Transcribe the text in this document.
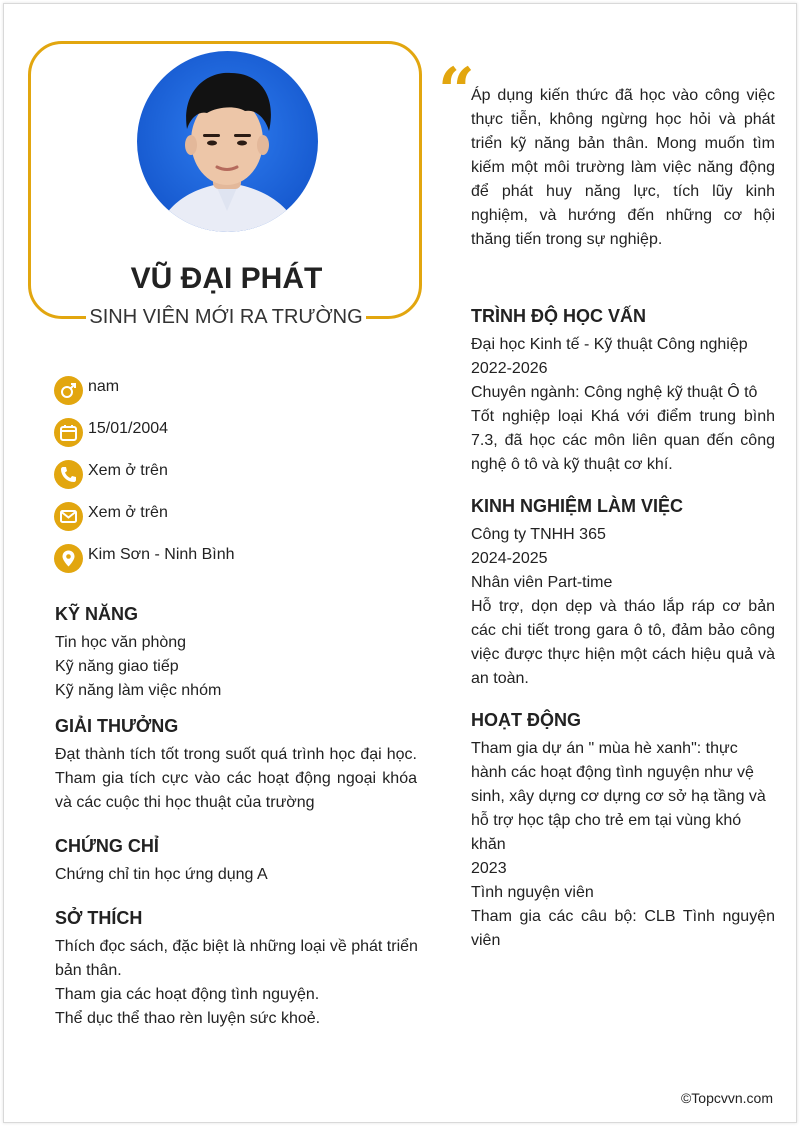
VŨ ĐẠI PHÁT
SINH VIÊN MỚI RA TRƯỜNG
nam
15/01/2004
Xem ở trên
Xem ở trên
Kim Sơn - Ninh Bình
KỸ NĂNG
Tin học văn phòng
Kỹ năng giao tiếp
Kỹ năng làm việc nhóm
GIẢI THƯỞNG
Đạt thành tích tốt trong suốt quá trình học đại học. Tham gia tích cực vào các hoạt động ngoại khóa và các cuộc thi học thuật của trường
CHỨNG CHỈ
Chứng chỉ tin học ứng dụng A
SỞ THÍCH
Thích đọc sách, đặc biệt là những loại về phát triển bản thân.
Tham gia các hoạt động tình nguyện.
Thể dục thể thao rèn luyện sức khoẻ.
“
Áp dụng kiến thức đã học vào công việc thực tiễn, không ngừng học hỏi và phát triển kỹ năng bản thân. Mong muốn tìm kiếm một môi trường làm việc năng động để phát huy năng lực, tích lũy kinh nghiệm, và hướng đến những cơ hội thăng tiến trong sự nghiệp.
TRÌNH ĐỘ HỌC VẤN
Đại học Kinh tế - Kỹ thuật Công nghiệp
2022-2026
Chuyên ngành: Công nghệ kỹ thuật Ô tô
Tốt nghiệp loại Khá với điểm trung bình 7.3, đã học các môn liên quan đến công nghệ ô tô và kỹ thuật cơ khí.
KINH NGHIỆM LÀM VIỆC
Công ty TNHH 365
2024-2025
Nhân viên Part-time
Hỗ trợ, dọn dẹp và tháo lắp ráp cơ bản các chi tiết trong gara ô tô, đảm bảo công việc được thực hiện một cách hiệu quả và an toàn.
HOẠT ĐỘNG
Tham gia dự án " mùa hè xanh": thực hành các hoạt động tình nguyện như vệ sinh, xây dựng cơ dựng cơ sở hạ tầng và hỗ trợ học tập cho trẻ em tại vùng khó khăn
2023
Tình nguyện viên
Tham gia các câu bộ: CLB Tình nguyện viên
©Topcvvn.com
